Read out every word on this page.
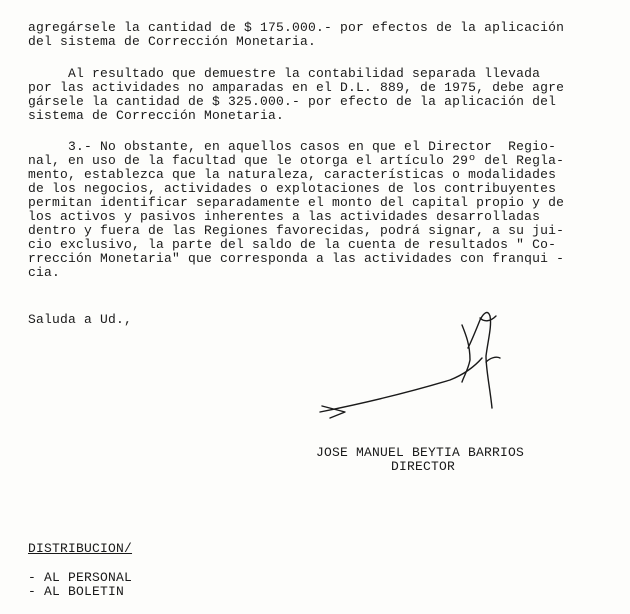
agregársele la cantidad de $ 175.000.- por efectos de la aplicación
del sistema de Corrección Monetaria.
Al resultado que demuestre la contabilidad separada llevada
por las actividades no amparadas en el D.L. 889, de 1975, debe agre
gársele la cantidad de $ 325.000.- por efecto de la aplicación del
sistema de Corrección Monetaria.
3.- No obstante, en aquellos casos en que el Director  Regio-
nal, en uso de la facultad que le otorga el artículo 29º del Regla-
mento, establezca que la naturaleza, características o modalidades
de los negocios, actividades o explotaciones de los contribuyentes
permitan identificar separadamente el monto del capital propio y de
los activos y pasivos inherentes a las actividades desarrolladas
dentro y fuera de las Regiones favorecidas, podrá signar, a su jui-
cio exclusivo, la parte del saldo de la cuenta de resultados " Co-
rrección Monetaria" que corresponda a las actividades con franqui -
cia.
Saluda a Ud.,
JOSE MANUEL BEYTIA BARRIOS
DIRECTOR
DISTRIBUCION/
- AL PERSONAL
- AL BOLETIN
